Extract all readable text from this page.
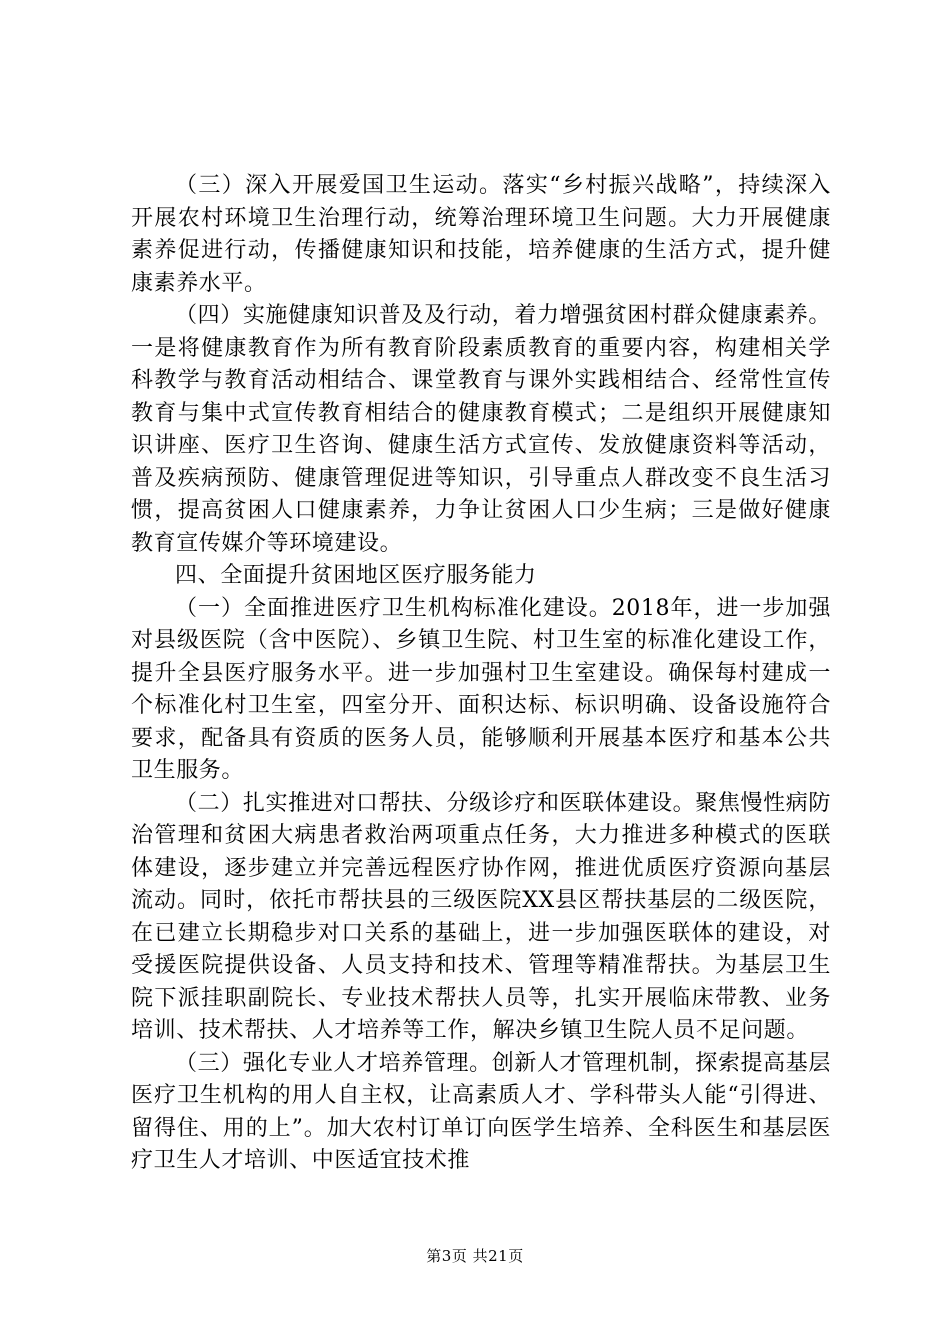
（三）深入开展爱国卫生运动。落实“乡村振兴战略”，持续深入开展农村环境卫生治理行动，统筹治理环境卫生问题。大力开展健康素养促进行动，传播健康知识和技能，培养健康的生活方式，提升健康素养水平。

（四）实施健康知识普及及行动，着力增强贫困村群众健康素养。一是将健康教育作为所有教育阶段素质教育的重要内容，构建相关学科教学与教育活动相结合、课堂教育与课外实践相结合、经常性宣传教育与集中式宣传教育相结合的健康教育模式；二是组织开展健康知识讲座、医疗卫生咨询、健康生活方式宣传、发放健康资料等活动，普及疾病预防、健康管理促进等知识，引导重点人群改变不良生活习惯，提高贫困人口健康素养，力争让贫困人口少生病；三是做好健康教育宣传媒介等环境建设。

四、全面提升贫困地区医疗服务能力

（一）全面推进医疗卫生机构标准化建设。2018年，进一步加强对县级医院（含中医院）、乡镇卫生院、村卫生室的标准化建设工作，提升全县医疗服务水平。进一步加强村卫生室建设。确保每村建成一个标准化村卫生室，四室分开、面积达标、标识明确、设备设施符合要求，配备具有资质的医务人员，能够顺利开展基本医疗和基本公共卫生服务。

（二）扎实推进对口帮扶、分级诊疗和医联体建设。聚焦慢性病防治管理和贫困大病患者救治两项重点任务，大力推进多种模式的医联体建设，逐步建立并完善远程医疗协作网，推进优质医疗资源向基层流动。同时，依托市帮扶县的三级医院XX县区帮扶基层的二级医院，在已建立长期稳步对口关系的基础上，进一步加强医联体的建设，对受援医院提供设备、人员支持和技术、管理等精准帮扶。为基层卫生院下派挂职副院长、专业技术帮扶人员等，扎实开展临床带教、业务培训、技术帮扶、人才培养等工作，解决乡镇卫生院人员不足问题。

（三）强化专业人才培养管理。创新人才管理机制，探索提高基层医疗卫生机构的用人自主权，让高素质人才、学科带头人能“引得进、留得住、用的上”。加大农村订单订向医学生培养、全科医生和基层医疗卫生人才培训、中医适宜技术推

第3页 共21页
